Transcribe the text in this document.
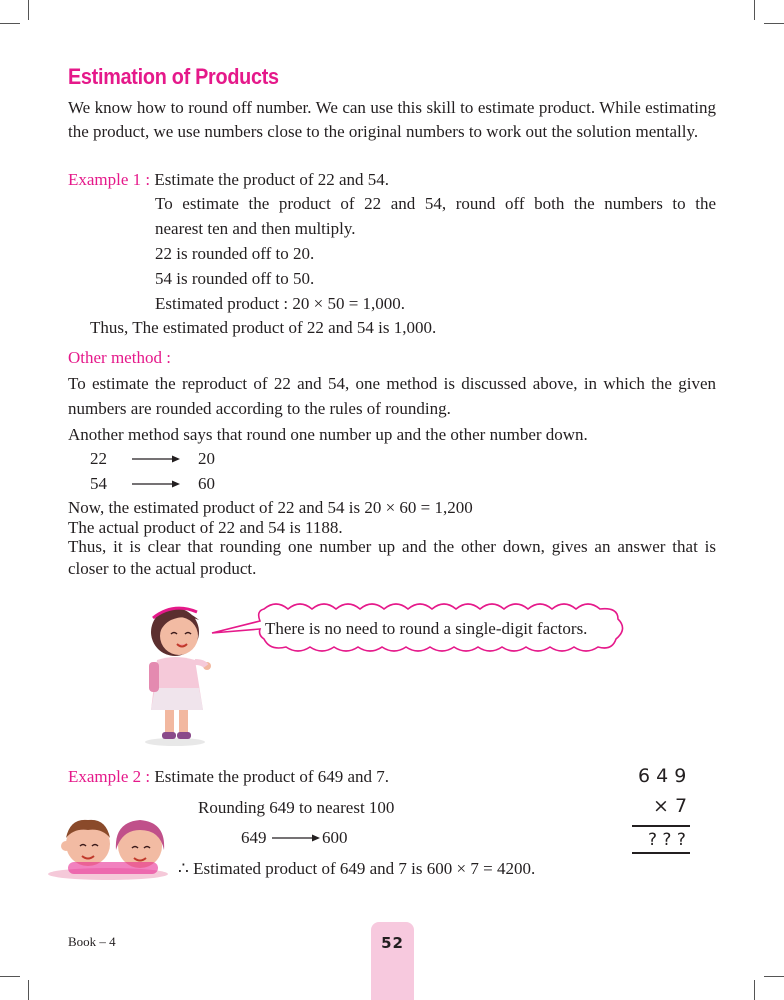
Estimation of Products

We know how to round off number. We can use this skill to estimate product. While estimating the product, we use numbers close to the original numbers to work out the solution mentally.

Example 1 : Estimate the product of 22 and 54.
To estimate the product of 22 and 54, round off both the numbers to the
nearest ten and then multiply.
22 is rounded off to 20.
54 is rounded off to 50.
Estimated product : 20 × 50 = 1,000.
Thus, The estimated product of 22 and 54 is 1,000.
Other method :

To estimate the reproduct of 22 and 54, one method is discussed above, in which the given numbers are rounded according to the rules of rounding.

Another method says that round one number up and the other number down.
22	20
54	60
Now, the estimated product of 22 and 54 is 20 × 60 = 1,200
The actual product of 22 and 54 is 1188.

Thus, it is clear that rounding one number up and the other down, gives an answer that is closer to the actual product.

There is no need to round a single-digit factors.
Example 2 : Estimate the product of 649 and 7.
Rounding 649 to nearest 100
649	600
∴ Estimated product of 649 and 7 is 600 × 7 = 4200.
6 4 9
× 7
? ? ?
Book – 4	52
